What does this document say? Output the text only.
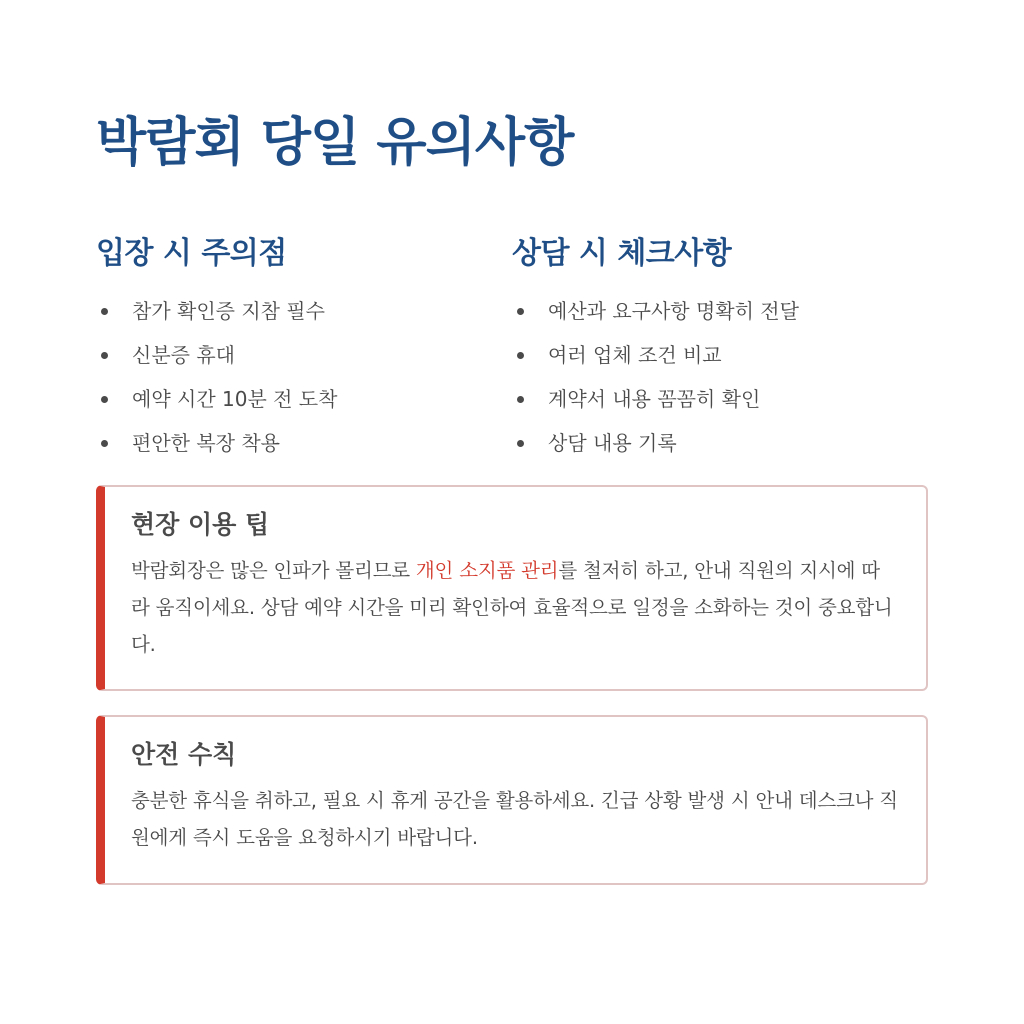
박람회 당일 유의사항
입장 시 주의점
참가 확인증 지참 필수
신분증 휴대
예약 시간 10분 전 도착
편안한 복장 착용
상담 시 체크사항
예산과 요구사항 명확히 전달
여러 업체 조건 비교
계약서 내용 꼼꼼히 확인
상담 내용 기록
현장 이용 팁

박람회장은 많은 인파가 몰리므로 개인 소지품 관리를 철저히 하고, 안내 직원의 지시에 따라 움직이세요. 상담 예약 시간을 미리 확인하여 효율적으로 일정을 소화하는 것이 중요합니다.

안전 수칙

충분한 휴식을 취하고, 필요 시 휴게 공간을 활용하세요. 긴급 상황 발생 시 안내 데스크나 직원에게 즉시 도움을 요청하시기 바랍니다.
